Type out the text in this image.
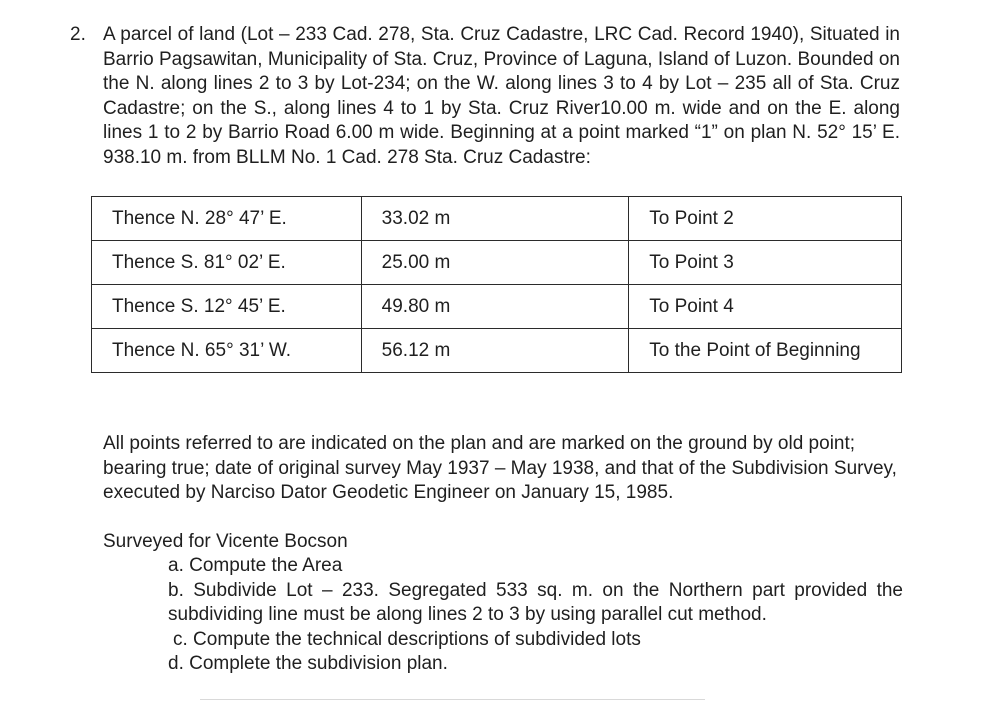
2. A parcel of land (Lot – 233 Cad. 278, Sta. Cruz Cadastre, LRC Cad. Record 1940), Situated in Barrio Pagsawitan, Municipality of Sta. Cruz, Province of Laguna, Island of Luzon. Bounded on the N. along lines 2 to 3 by Lot-234; on the W. along lines 3 to 4 by Lot – 235 all of Sta. Cruz Cadastre; on the S., along lines 4 to 1 by Sta. Cruz River10.00 m. wide and on the E. along lines 1 to 2 by Barrio Road 6.00 m wide. Beginning at a point marked “1” on plan N. 52° 15’ E. 938.10 m. from BLLM No. 1 Cad. 278 Sta. Cruz Cadastre:
Thence N. 28° 47’ E.	33.02 m	To Point 2
Thence S. 81° 02’ E.	25.00 m	To Point 3
Thence S. 12° 45’ E.	49.80 m	To Point 4
Thence N. 65° 31’ W.	56.12 m	To the Point of Beginning
All points referred to are indicated on the plan and are marked on the ground by old point; bearing true; date of original survey May 1937 – May 1938, and that of the Subdivision Survey, executed by Narciso Dator Geodetic Engineer on January 15, 1985.
Surveyed for Vicente Bocson

a. Compute the Area

b. Subdivide Lot – 233. Segregated 533 sq. m. on the Northern part provided the subdividing line must be along lines 2 to 3 by using parallel cut method.

c. Compute the technical descriptions of subdivided lots

d. Complete the subdivision plan.
